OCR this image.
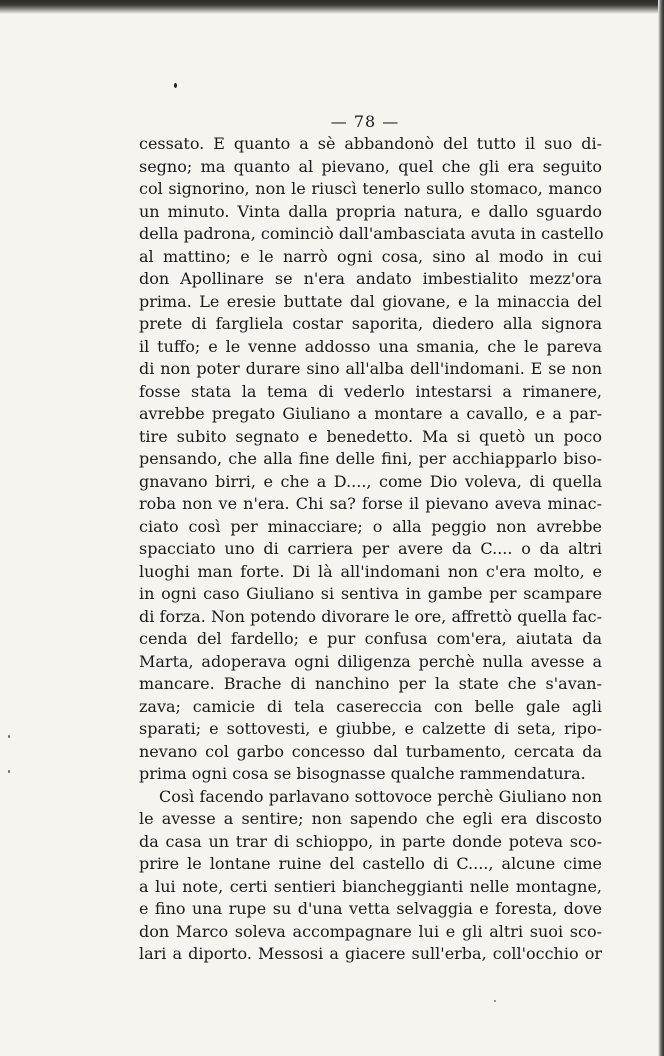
— 78 —
cessato. E quanto a sè abbandonò del tutto il suo di-
segno; ma quanto al pievano, quel che gli era seguito
col signorino, non le riuscì tenerlo sullo stomaco, manco
un minuto. Vinta dalla propria natura, e dallo sguardo
della padrona, cominciò dall'ambasciata avuta in castello
al mattino; e le narrò ogni cosa, sino al modo in cui
don Apollinare se n'era andato imbestialito mezz'ora
prima. Le eresie buttate dal giovane, e la minaccia del
prete di fargliela costar saporita, diedero alla signora
il tuffo; e le venne addosso una smania, che le pareva
di non poter durare sino all'alba dell'indomani. E se non
fosse stata la tema di vederlo intestarsi a rimanere,
avrebbe pregato Giuliano a montare a cavallo, e a par-
tire subito segnato e benedetto. Ma si quetò un poco
pensando, che alla fine delle fini, per acchiapparlo biso-
gnavano birri, e che a D...., come Dio voleva, di quella
roba non ve n'era. Chi sa? forse il pievano aveva minac-
ciato così per minacciare; o alla peggio non avrebbe
spacciato uno di carriera per avere da C.... o da altri
luoghi man forte. Di là all'indomani non c'era molto, e
in ogni caso Giuliano si sentiva in gambe per scampare
di forza. Non potendo divorare le ore, affrettò quella fac-
cenda del fardello; e pur confusa com'era, aiutata da
Marta, adoperava ogni diligenza perchè nulla avesse a
mancare. Brache di nanchino per la state che s'avan-
zava; camicie di tela casereccia con belle gale agli
sparati; e sottovesti, e giubbe, e calzette di seta, ripo-
nevano col garbo concesso dal turbamento, cercata da
prima ogni cosa se bisognasse qualche rammendatura.
Così facendo parlavano sottovoce perchè Giuliano non
le avesse a sentire; non sapendo che egli era discosto
da casa un trar di schioppo, in parte donde poteva sco-
prire le lontane ruine del castello di C...., alcune cime
a lui note, certi sentieri biancheggianti nelle montagne,
e fino una rupe su d'una vetta selvaggia e foresta, dove
don Marco soleva accompagnare lui e gli altri suoi sco-
lari a diporto. Messosi a giacere sull'erba, coll'occhio or
